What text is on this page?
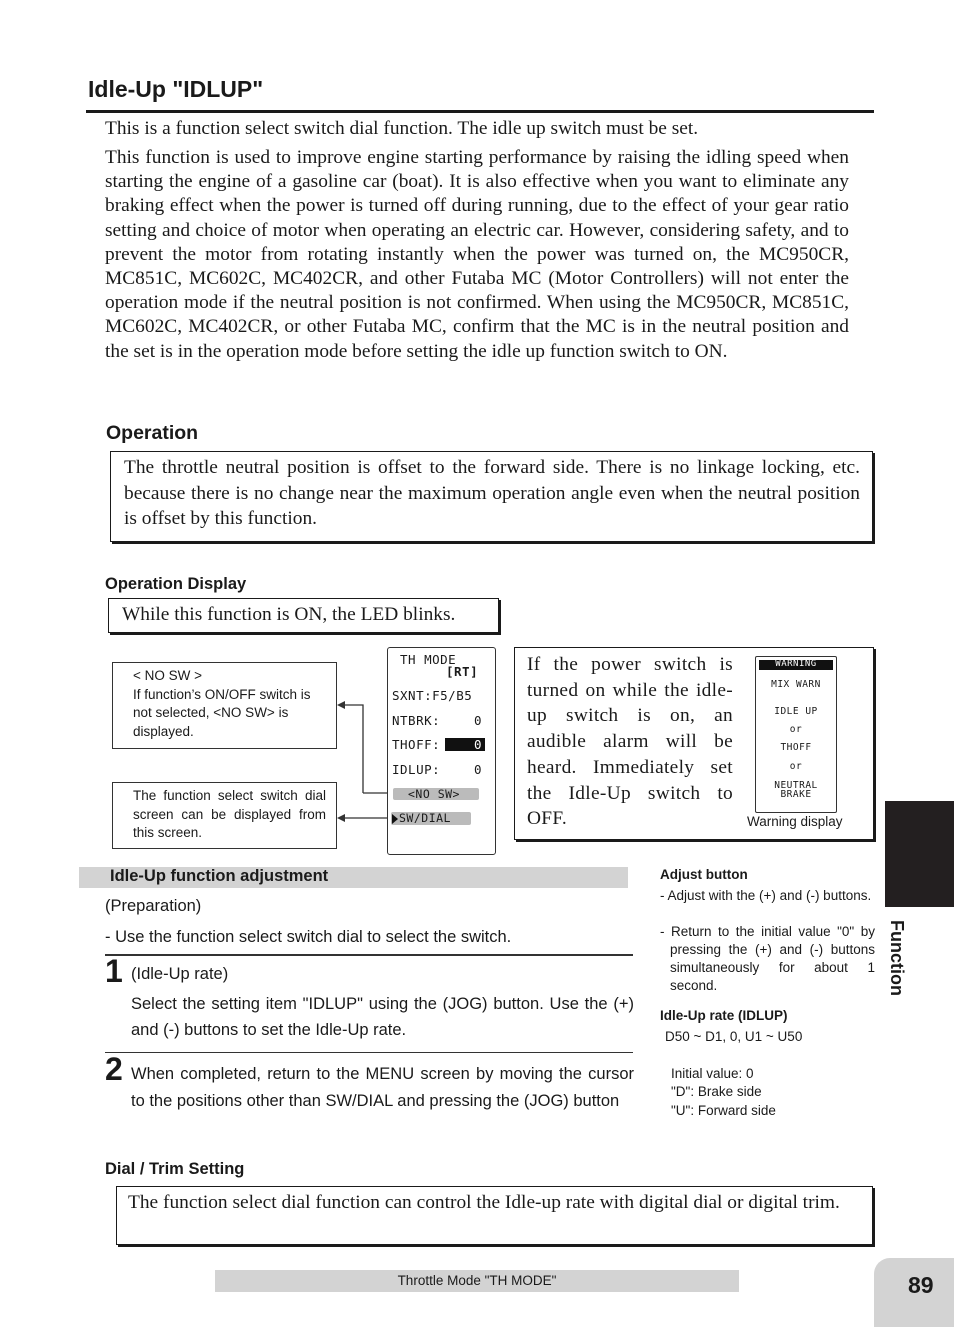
Idle-Up "IDLUP"

This is a function select switch dial function. The idle up switch must be set.

This function is used to improve engine starting performance by raising the idling speed when starting the engine of a gasoline car (boat). It is also effective when you want to eliminate any braking effect when the power is turned off during running, due to the effect of your gear ratio setting and choice of motor when operating an electric car. However, considering safety, and to prevent the motor from rotating instantly when the power was turned on, the MC950CR, MC851C, MC602C, MC402CR, and other Futaba MC (Motor Controllers) will not enter the operation mode if the neutral position is not confirmed. When using the MC950CR, MC851C, MC602C, MC402CR, or other Futaba MC, confirm that the MC is in the neutral position and the set is in the operation mode before setting the idle up function switch to ON.

Operation

The throttle neutral position is offset to the forward side. There is no linkage locking, etc. because there is no change near the maximum operation angle even when the neutral position is offset by this function.

Operation Display

While this function is ON, the LED blinks.

< NO SW >
If function’s ON/OFF switch is not selected, <NO SW> is displayed.
The function select switch dial screen can be displayed from this screen.
TH MODE
[RT]
SXNT:F5/B5
NTBRK:	0
THOFF:	0
IDLUP:	0
<NO SW>
SW/DIAL

If the power switch is turned on while the idle-up switch is on, an audible alarm will be heard. Immediately set the Idle-Up switch to OFF.	Warning display
WARNING
MIX WARN
IDLE UP
or
THOFF
or
NEUTRAL
BRAKE
Idle-Up function adjustment
(Preparation)
- Use the function select switch dial to select the switch.
1 (Idle-Up rate)
Select the setting item "IDLUP" using the (JOG) button. Use the (+) and (-) buttons to set the Idle-Up rate.
2 When completed, return to the MENU screen by moving the cursor to the positions other than SW/DIAL and pressing the (JOG) button
Adjust button
- Adjust with the (+) and (-) buttons.
- Return to the initial value "0" by pressing the (+) and (-) buttons simultaneously for about 1 second.
Idle-Up rate (IDLUP)
D50 ~ D1, 0, U1 ~ U50
Initial value: 0
"D": Brake side
"U": Forward side
Dial / Trim Setting

The function select dial function can control the Idle-up rate with digital dial or digital trim.

Function
Throttle Mode "TH MODE"	89
